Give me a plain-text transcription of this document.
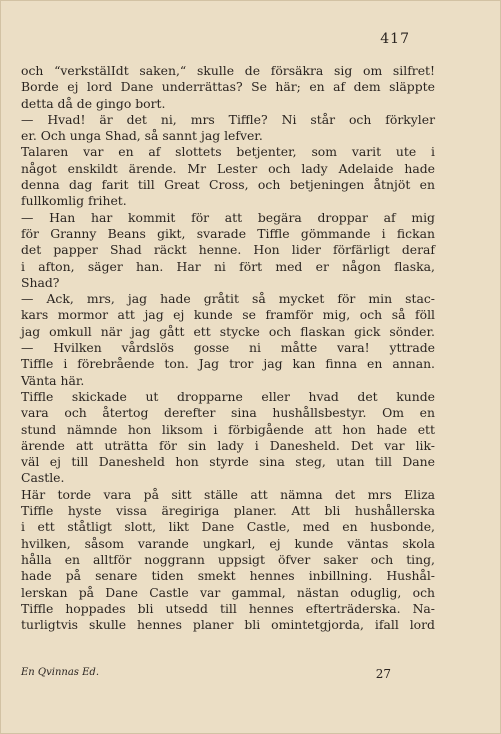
417
och “verkstälIdt saken,“ skulle de försäkra sig om silfret!
Borde ej lord Dane underrättas? Se här; en af dem släppte
detta då de gingo bort.
— Hvad! är det ni, mrs Tiffle? Ni står och förkyler
er. Och unga Shad, så sannt jag lefver.
Talaren var en af slottets betjenter, som varit ute i
något enskildt ärende. Mr Lester och lady Adelaide hade
denna dag farit till Great Cross, och betjeningen åtnjöt en
fullkomlig frihet.
— Han har kommit för att begära droppar af mig
för Granny Beans gikt, svarade Tiffle gömmande i fickan
det papper Shad räckt henne. Hon lider förfärligt deraf
i afton, säger han. Har ni fört med er någon flaska,
Shad?
— Ack, mrs, jag hade gråtit så mycket för min stac-
kars mormor att jag ej kunde se framför mig, och så föll
jag omkull när jag gått ett stycke och flaskan gick sönder.
— Hvilken vårdslös gosse ni måtte vara! yttrade
Tiffle i förebrående ton. Jag tror jag kan finna en annan.
Vänta här.
Tiffle skickade ut dropparne eller hvad det kunde
vara och återtog derefter sina hushållsbestyr. Om en
stund nämnde hon liksom i förbigående att hon hade ett
ärende att uträtta för sin lady i Danesheld. Det var lik-
väl ej till Danesheld hon styrde sina steg, utan till Dane
Castle.
Här torde vara på sitt ställe att nämna det mrs Eliza
Tiffle hyste vissa äregiriga planer. Att bli hushållerska
i ett ståtligt slott, likt Dane Castle, med en husbonde,
hvilken, såsom varande ungkarl, ej kunde väntas skola
hålla en alltför noggrann uppsigt öfver saker och ting,
hade på senare tiden smekt hennes inbillning. Hushål-
lerskan på Dane Castle var gammal, nästan oduglig, och
Tiffle hoppades bli utsedd till hennes efterträderska. Na-
turligtvis skulle hennes planer bli omintetgjorda, ifall lord
En Qvinnas Ed.	27
